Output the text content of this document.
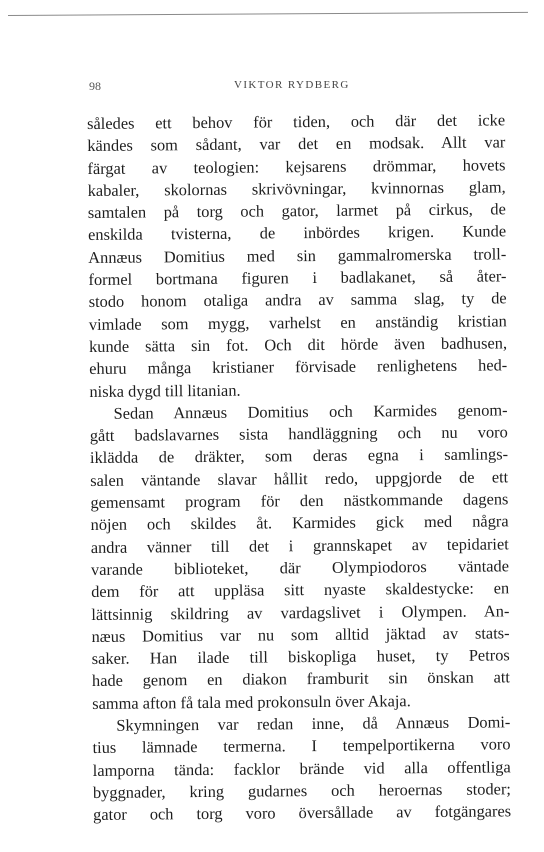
98	VIKTOR RYDBERG
således ett behov för tiden, och där det icke
kändes som sådant, var det en modsak. Allt var
färgat av teologien: kejsarens drömmar, hovets
kabaler, skolornas skrivövningar, kvinnornas glam,
samtalen på torg och gator, larmet på cirkus, de
enskilda tvisterna, de inbördes krigen. Kunde
Annæus Domitius med sin gammalromerska troll-
formel bortmana figuren i badlakanet, så åter-
stodo honom otaliga andra av samma slag, ty de
vimlade som mygg, varhelst en anständig kristian
kunde sätta sin fot. Och dit hörde även badhusen,
ehuru många kristianer förvisade renlighetens hed-
niska dygd till litanian.
Sedan Annæus Domitius och Karmides genom-
gått badslavarnes sista handläggning och nu voro
iklädda de dräkter, som deras egna i samlings-
salen väntande slavar hållit redo, uppgjorde de ett
gemensamt program för den nästkommande dagens
nöjen och skildes åt. Karmides gick med några
andra vänner till det i grannskapet av tepidariet
varande biblioteket, där Olympiodoros väntade
dem för att uppläsa sitt nyaste skaldestycke: en
lättsinnig skildring av vardagslivet i Olympen. An-
næus Domitius var nu som alltid jäktad av stats-
saker. Han ilade till biskopliga huset, ty Petros
hade genom en diakon framburit sin önskan att
samma afton få tala med prokonsuln över Akaja.
Skymningen var redan inne, då Annæus Domi-
tius lämnade termerna. I tempelportikerna voro
lamporna tända: facklor brände vid alla offentliga
byggnader, kring gudarnes och heroernas stoder;
gator och torg voro översållade av fotgängares
